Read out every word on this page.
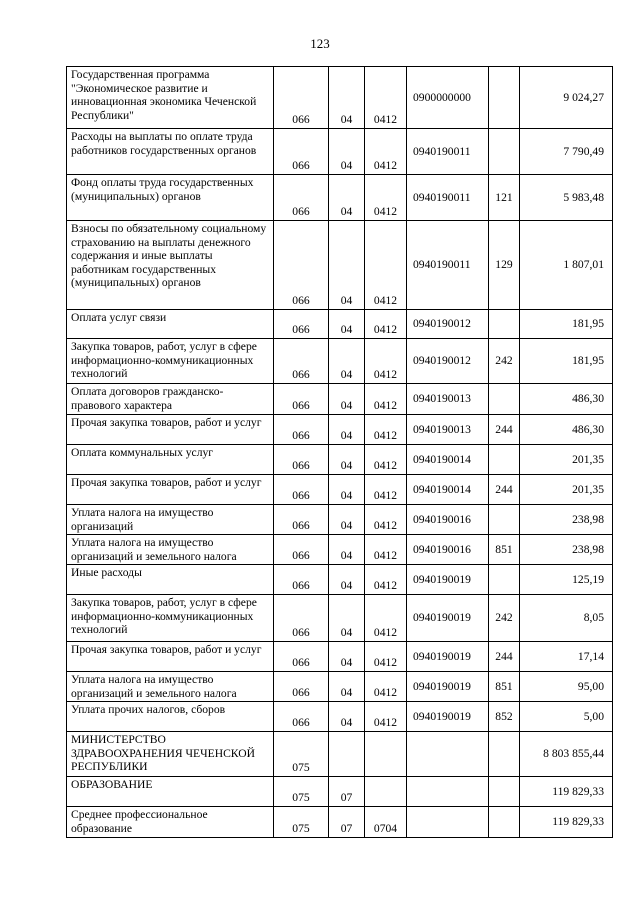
123
Государственная программа "Экономическое развитие и инновационная экономика Чеченской Республики"	066	04	0412	0900000000		9 024,27
Расходы на выплаты по оплате труда работников государственных органов	066	04	0412	0940190011		7 790,49
Фонд оплаты труда государственных (муниципальных) органов	066	04	0412	0940190011	121	5 983,48
Взносы по обязательному социальному страхованию на выплаты денежного содержания и иные выплаты работникам государственных (муниципальных) органов	066	04	0412	0940190011	129	1 807,01
Оплата услуг связи	066	04	0412	0940190012		181,95
Закупка товаров, работ, услуг в сфере информационно-коммуникационных технологий	066	04	0412	0940190012	242	181,95
Оплата договоров гражданско-правового характера	066	04	0412	0940190013		486,30
Прочая закупка товаров, работ и услуг	066	04	0412	0940190013	244	486,30
Оплата коммунальных услуг	066	04	0412	0940190014		201,35
Прочая закупка товаров, работ и услуг	066	04	0412	0940190014	244	201,35
Уплата налога на имущество организаций	066	04	0412	0940190016		238,98
Уплата налога на имущество организаций и земельного налога	066	04	0412	0940190016	851	238,98
Иные расходы	066	04	0412	0940190019		125,19
Закупка товаров, работ, услуг в сфере информационно-коммуникационных технологий	066	04	0412	0940190019	242	8,05
Прочая закупка товаров, работ и услуг	066	04	0412	0940190019	244	17,14
Уплата налога на имущество организаций и земельного налога	066	04	0412	0940190019	851	95,00
Уплата прочих налогов, сборов	066	04	0412	0940190019	852	5,00
МИНИСТЕРСТВО ЗДРАВООХРАНЕНИЯ ЧЕЧЕНСКОЙ РЕСПУБЛИКИ	075					8 803 855,44
ОБРАЗОВАНИЕ	075	07				119 829,33
Среднее профессиональное образование	075	07	0704			119 829,33
